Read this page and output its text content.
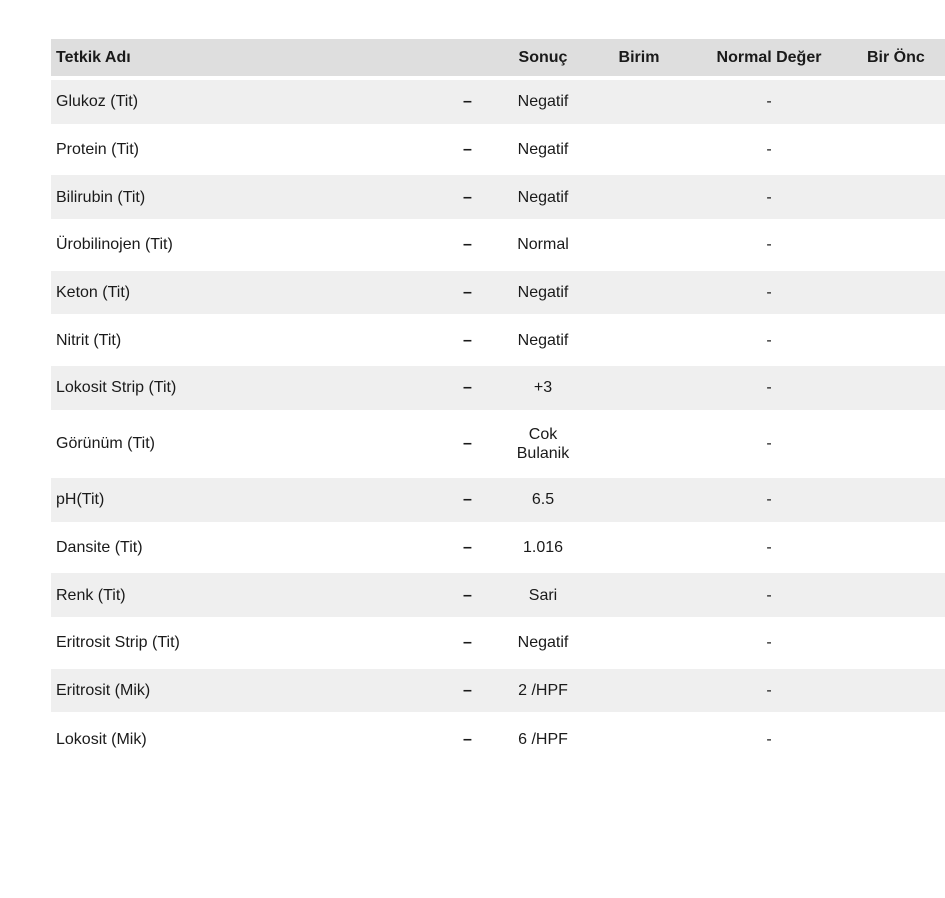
Tetkik Adı		Sonuç	Birim	Normal Değer	Bir Önc
Glukoz (Tit)	–	Negatif		-	
Protein (Tit)	–	Negatif		-	
Bilirubin (Tit)	–	Negatif		-	
Ürobilinojen (Tit)	–	Normal		-	
Keton (Tit)	–	Negatif		-	
Nitrit (Tit)	–	Negatif		-	
Lokosit Strip (Tit)	–	+3		-	
Görünüm (Tit)	–	Cok Bulanik		-	
pH(Tit)	–	6.5		-	
Dansite (Tit)	–	1.016		-	
Renk (Tit)	–	Sari		-	
Eritrosit Strip (Tit)	–	Negatif		-	
Eritrosit (Mik)	–	2 /HPF		-	
Lokosit (Mik)	–	6 /HPF		-	
